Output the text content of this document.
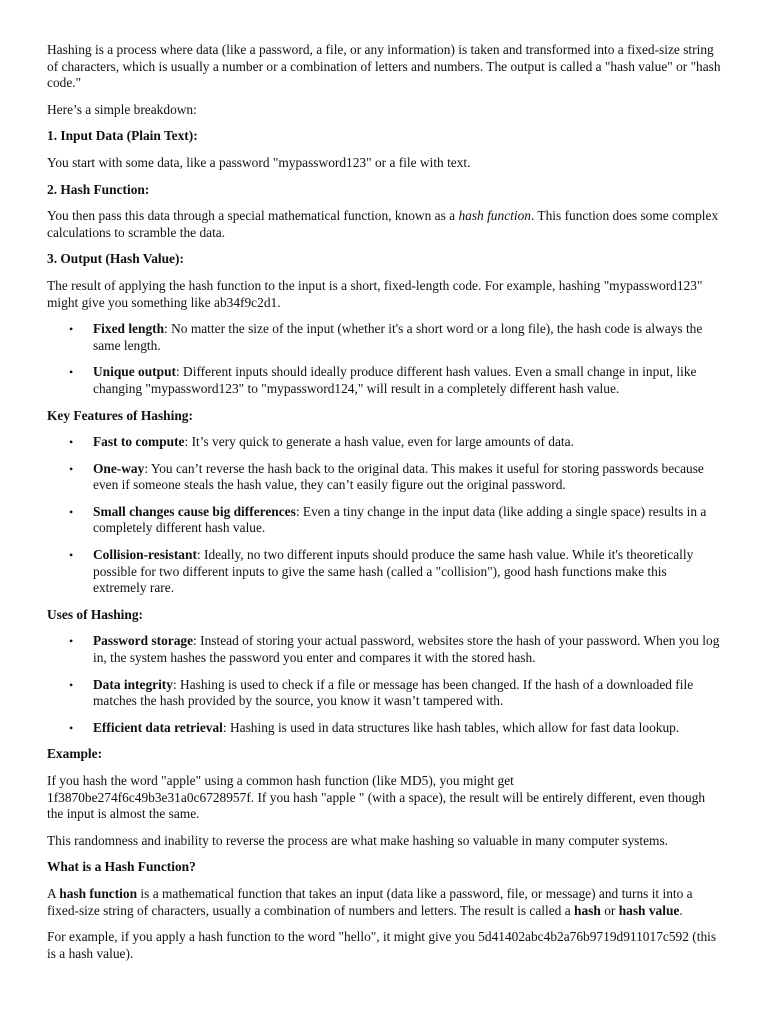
Hashing is a process where data (like a password, a file, or any information) is taken and transformed into a fixed-size string of characters, which is usually a number or a combination of letters and numbers. The output is called a "hash value" or "hash code."

Here’s a simple breakdown:

1. Input Data (Plain Text):

You start with some data, like a password "mypassword123" or a file with text.

2. Hash Function:

You then pass this data through a special mathematical function, known as a hash function. This function does some complex calculations to scramble the data.

3. Output (Hash Value):

The result of applying the hash function to the input is a short, fixed-length code. For example, hashing "mypassword123" might give you something like ab34f9c2d1.

• Fixed length: No matter the size of the input (whether it's a short word or a long file), the hash code is always the same length.
• Unique output: Different inputs should ideally produce different hash values. Even a small change in input, like changing "mypassword123" to "mypassword124," will result in a completely different hash value.
Key Features of Hashing:
• Fast to compute: It’s very quick to generate a hash value, even for large amounts of data.
• One-way: You can’t reverse the hash back to the original data. This makes it useful for storing passwords because even if someone steals the hash value, they can’t easily figure out the original password.
• Small changes cause big differences: Even a tiny change in the input data (like adding a single space) results in a completely different hash value.
• Collision-resistant: Ideally, no two different inputs should produce the same hash value. While it's theoretically possible for two different inputs to give the same hash (called a "collision"), good hash functions make this extremely rare.
Uses of Hashing:
• Password storage: Instead of storing your actual password, websites store the hash of your password. When you log in, the system hashes the password you enter and compares it with the stored hash.
• Data integrity: Hashing is used to check if a file or message has been changed. If the hash of a downloaded file matches the hash provided by the source, you know it wasn’t tampered with.
• Efficient data retrieval: Hashing is used in data structures like hash tables, which allow for fast data lookup.
Example:

If you hash the word "apple" using a common hash function (like MD5), you might get 1f3870be274f6c49b3e31a0c6728957f. If you hash "apple " (with a space), the result will be entirely different, even though the input is almost the same.

This randomness and inability to reverse the process are what make hashing so valuable in many computer systems.

What is a Hash Function?

A hash function is a mathematical function that takes an input (data like a password, file, or message) and turns it into a fixed-size string of characters, usually a combination of numbers and letters. The result is called a hash or hash value.

For example, if you apply a hash function to the word "hello", it might give you 5d41402abc4b2a76b9719d911017c592 (this is a hash value).
